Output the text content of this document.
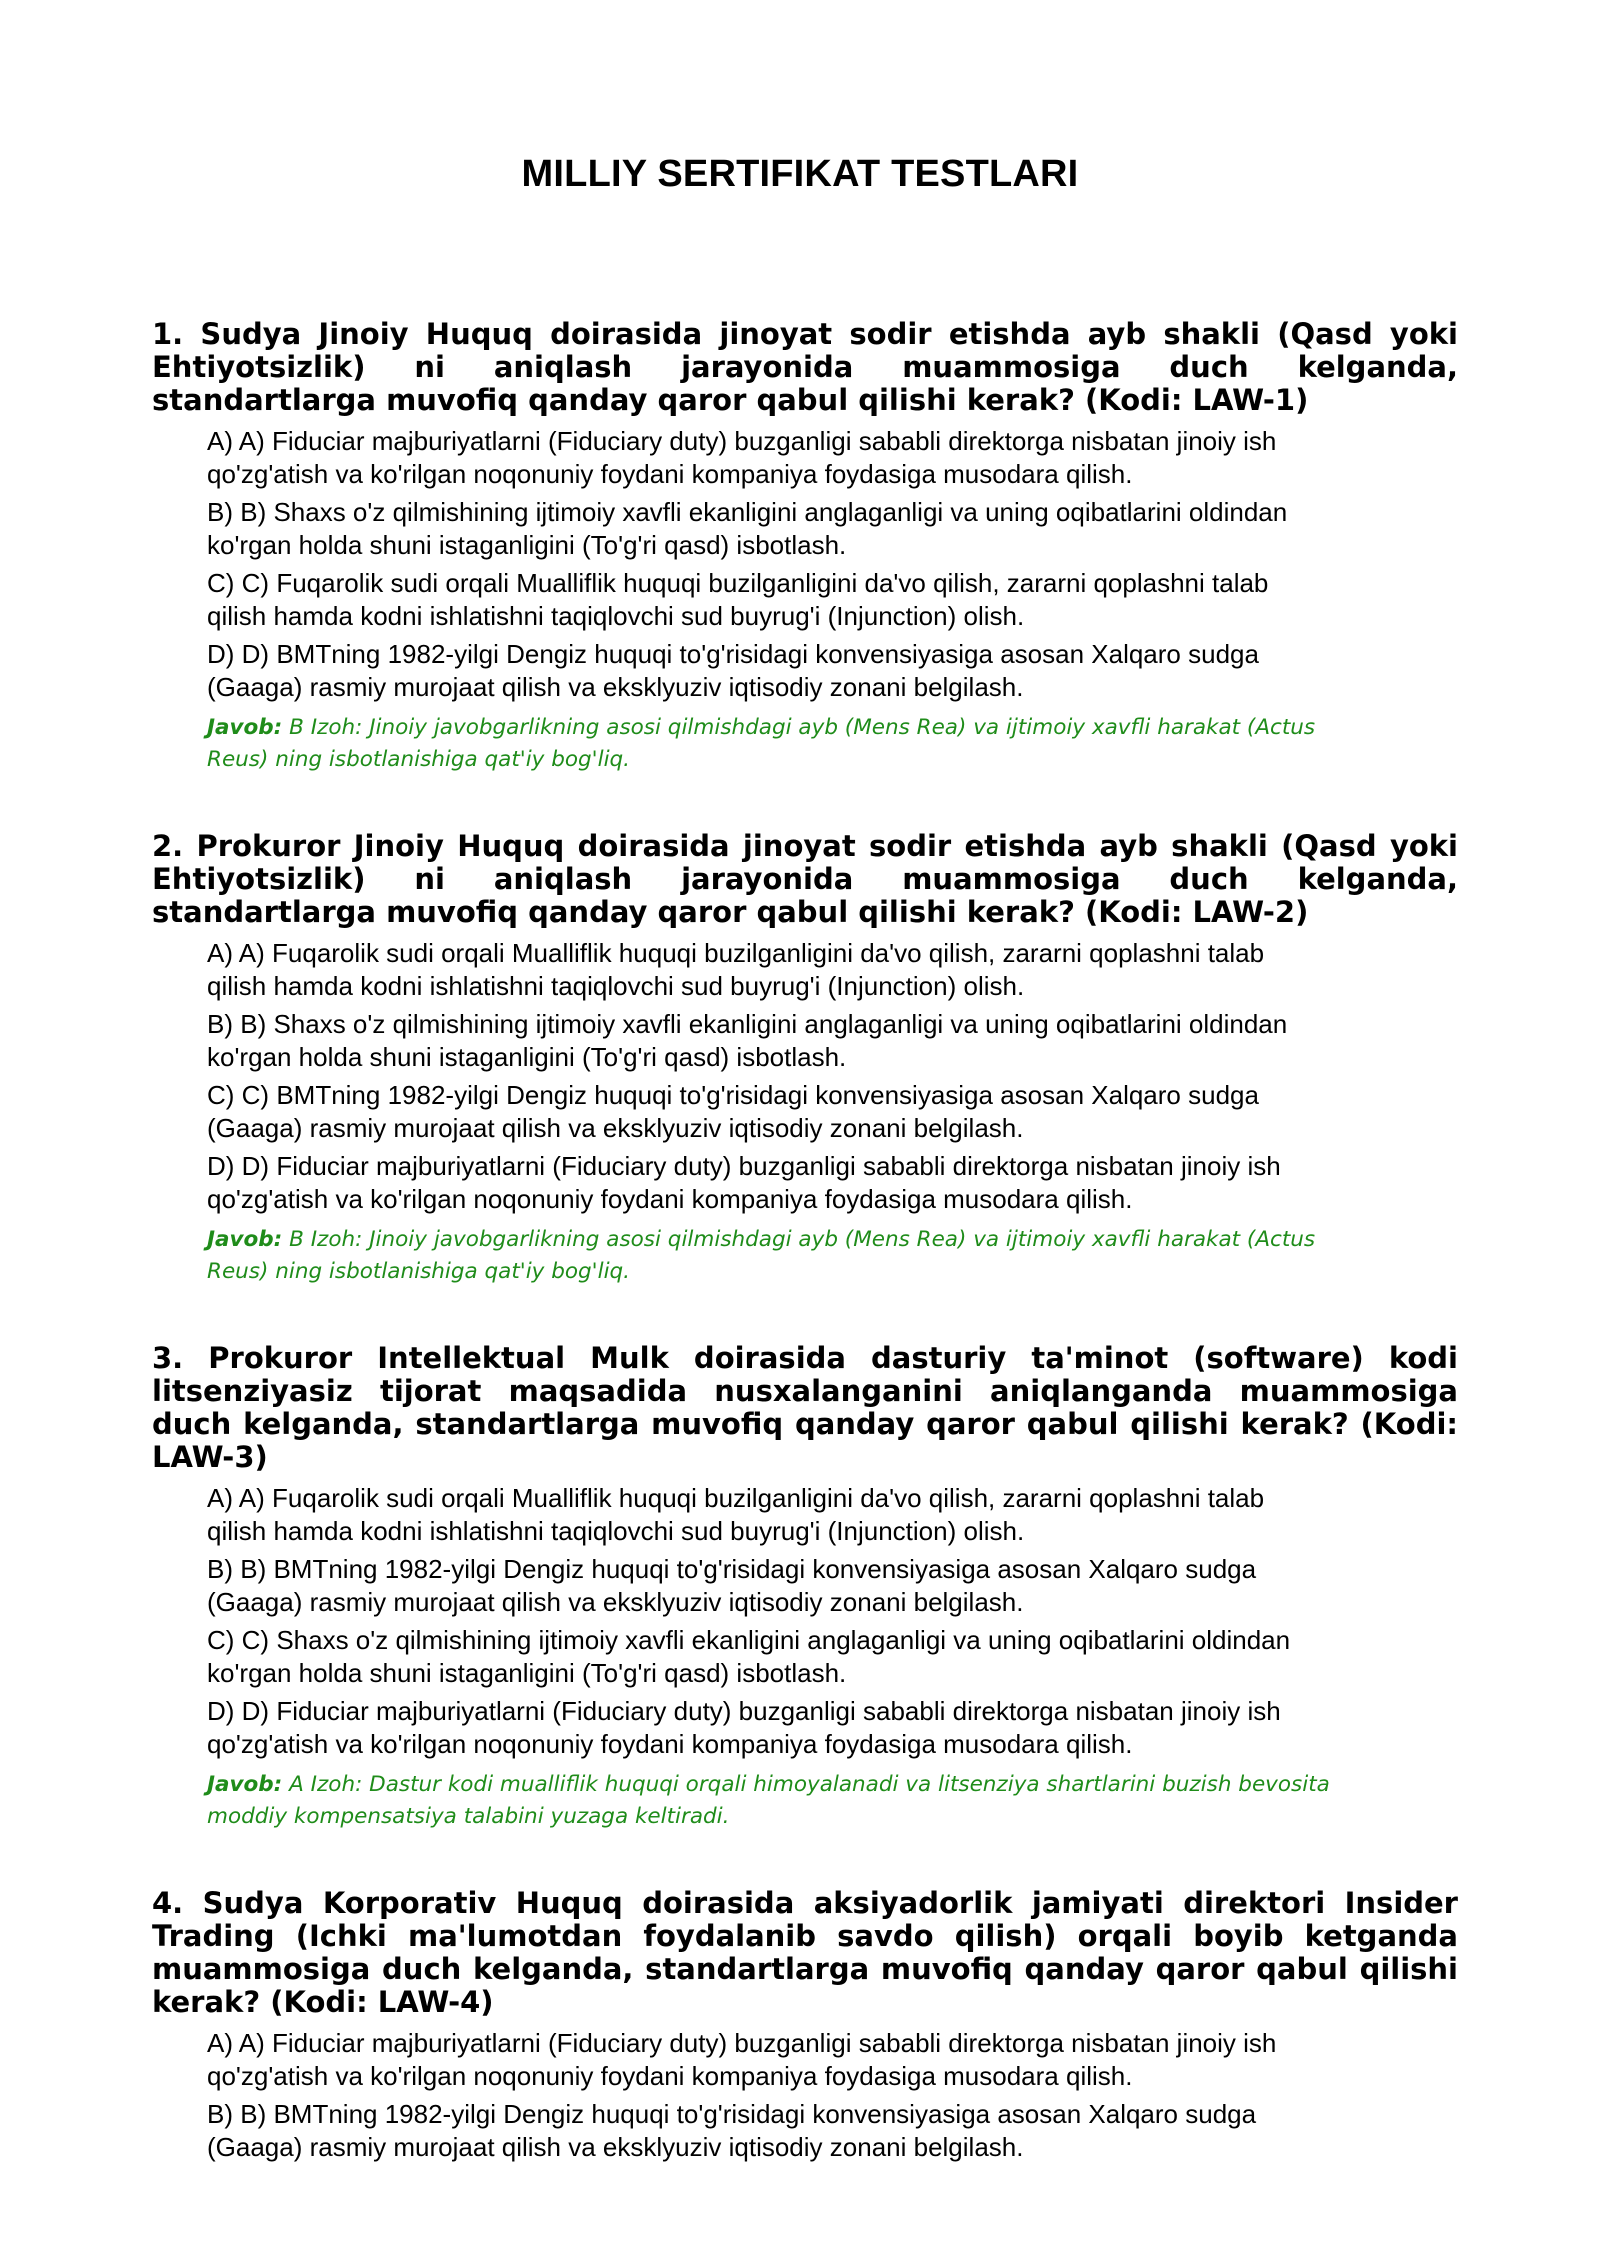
MILLIY SERTIFIKAT TESTLARI
1. Sudya Jinoiy Huquq doirasida jinoyat sodir etishda ayb shakli (Qasd yoki Ehtiyotsizlik) ni aniqlash jarayonida muammosiga duch kelganda, standartlarga muvofiq qanday qaror qabul qilishi kerak? (Kodi: LAW-1)
A) A) Fiduciar majburiyatlarni (Fiduciary duty) buzganligi sababli direktorga nisbatan jinoiy ish
qo'zg'atish va ko'rilgan noqonuniy foydani kompaniya foydasiga musodara qilish.
B) B) Shaxs o'z qilmishining ijtimoiy xavfli ekanligini anglaganligi va uning oqibatlarini oldindan
ko'rgan holda shuni istaganligini (To'g'ri qasd) isbotlash.
C) C) Fuqarolik sudi orqali Mualliflik huquqi buzilganligini da'vo qilish, zararni qoplashni talab
qilish hamda kodni ishlatishni taqiqlovchi sud buyrug'i (Injunction) olish.
D) D) BMTning 1982-yilgi Dengiz huquqi to'g'risidagi konvensiyasiga asosan Xalqaro sudga
(Gaaga) rasmiy murojaat qilish va eksklyuziv iqtisodiy zonani belgilash.
Javob: B Izoh: Jinoiy javobgarlikning asosi qilmishdagi ayb (Mens Rea) va ijtimoiy xavfli harakat (Actus
Reus) ning isbotlanishiga qat'iy bog'liq.
2. Prokuror Jinoiy Huquq doirasida jinoyat sodir etishda ayb shakli (Qasd yoki Ehtiyotsizlik) ni aniqlash jarayonida muammosiga duch kelganda, standartlarga muvofiq qanday qaror qabul qilishi kerak? (Kodi: LAW-2)
A) A) Fuqarolik sudi orqali Mualliflik huquqi buzilganligini da'vo qilish, zararni qoplashni talab
qilish hamda kodni ishlatishni taqiqlovchi sud buyrug'i (Injunction) olish.
B) B) Shaxs o'z qilmishining ijtimoiy xavfli ekanligini anglaganligi va uning oqibatlarini oldindan
ko'rgan holda shuni istaganligini (To'g'ri qasd) isbotlash.
C) C) BMTning 1982-yilgi Dengiz huquqi to'g'risidagi konvensiyasiga asosan Xalqaro sudga
(Gaaga) rasmiy murojaat qilish va eksklyuziv iqtisodiy zonani belgilash.
D) D) Fiduciar majburiyatlarni (Fiduciary duty) buzganligi sababli direktorga nisbatan jinoiy ish
qo'zg'atish va ko'rilgan noqonuniy foydani kompaniya foydasiga musodara qilish.
Javob: B Izoh: Jinoiy javobgarlikning asosi qilmishdagi ayb (Mens Rea) va ijtimoiy xavfli harakat (Actus
Reus) ning isbotlanishiga qat'iy bog'liq.
3. Prokuror Intellektual Mulk doirasida dasturiy ta'minot (software) kodi litsenziyasiz tijorat maqsadida nusxalanganini aniqlanganda muammosiga duch kelganda, standartlarga muvofiq qanday qaror qabul qilishi kerak? (Kodi: LAW-3)
A) A) Fuqarolik sudi orqali Mualliflik huquqi buzilganligini da'vo qilish, zararni qoplashni talab
qilish hamda kodni ishlatishni taqiqlovchi sud buyrug'i (Injunction) olish.
B) B) BMTning 1982-yilgi Dengiz huquqi to'g'risidagi konvensiyasiga asosan Xalqaro sudga
(Gaaga) rasmiy murojaat qilish va eksklyuziv iqtisodiy zonani belgilash.
C) C) Shaxs o'z qilmishining ijtimoiy xavfli ekanligini anglaganligi va uning oqibatlarini oldindan
ko'rgan holda shuni istaganligini (To'g'ri qasd) isbotlash.
D) D) Fiduciar majburiyatlarni (Fiduciary duty) buzganligi sababli direktorga nisbatan jinoiy ish
qo'zg'atish va ko'rilgan noqonuniy foydani kompaniya foydasiga musodara qilish.
Javob: A Izoh: Dastur kodi mualliflik huquqi orqali himoyalanadi va litsenziya shartlarini buzish bevosita
moddiy kompensatsiya talabini yuzaga keltiradi.
4. Sudya Korporativ Huquq doirasida aksiyadorlik jamiyati direktori Insider Trading (Ichki ma'lumotdan foydalanib savdo qilish) orqali boyib ketganda muammosiga duch kelganda, standartlarga muvofiq qanday qaror qabul qilishi kerak? (Kodi: LAW-4)
A) A) Fiduciar majburiyatlarni (Fiduciary duty) buzganligi sababli direktorga nisbatan jinoiy ish
qo'zg'atish va ko'rilgan noqonuniy foydani kompaniya foydasiga musodara qilish.
B) B) BMTning 1982-yilgi Dengiz huquqi to'g'risidagi konvensiyasiga asosan Xalqaro sudga
(Gaaga) rasmiy murojaat qilish va eksklyuziv iqtisodiy zonani belgilash.
